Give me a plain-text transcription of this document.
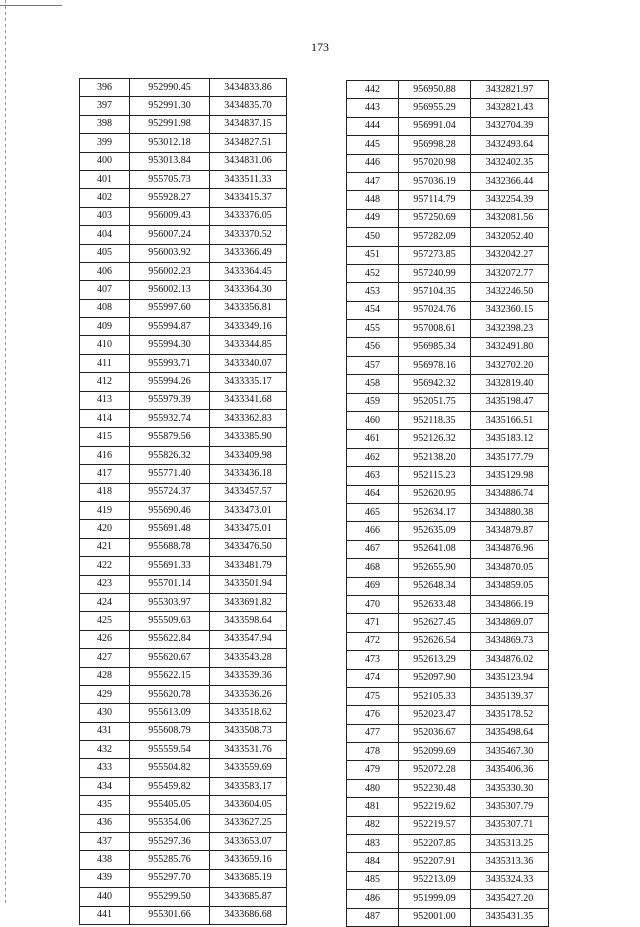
173
396	952990.45	3434833.86
397	952991.30	3434835.70
398	952991.98	3434837.15
399	953012.18	3434827.51
400	953013.84	3434831.06
401	955705.73	3433511.33
402	955928.27	3433415.37
403	956009.43	3433376.05
404	956007.24	3433370.52
405	956003.92	3433366.49
406	956002.23	3433364.45
407	956002.13	3433364.30
408	955997.60	3433356.81
409	955994.87	3433349.16
410	955994.30	3433344.85
411	955993.71	3433340.07
412	955994.26	3433335.17
413	955979.39	3433341.68
414	955932.74	3433362.83
415	955879.56	3433385.90
416	955826.32	3433409.98
417	955771.40	3433436.18
418	955724.37	3433457.57
419	955690.46	3433473.01
420	955691.48	3433475.01
421	955688.78	3433476.50
422	955691.33	3433481.79
423	955701.14	3433501.94
424	955303.97	3433691.82
425	955509.63	3433598.64
426	955622.84	3433547.94
427	955620.67	3433543.28
428	955622.15	3433539.36
429	955620.78	3433536.26
430	955613.09	3433518.62
431	955608.79	3433508.73
432	955559.54	3433531.76
433	955504.82	3433559.69
434	955459.82	3433583.17
435	955405.05	3433604.05
436	955354.06	3433627.25
437	955297.36	3433653.07
438	955285.76	3433659.16
439	955297.70	3433685.19
440	955299.50	3433685.87
441	955301.66	3433686.68
442	956950.88	3432821.97
443	956955.29	3432821.43
444	956991.04	3432704.39
445	956998.28	3432493.64
446	957020.98	3432402.35
447	957036.19	3432366.44
448	957114.79	3432254.39
449	957250.69	3432081.56
450	957282.09	3432052.40
451	957273.85	3432042.27
452	957240.99	3432072.77
453	957104.35	3432246.50
454	957024.76	3432360.15
455	957008.61	3432398.23
456	956985.34	3432491.80
457	956978.16	3432702.20
458	956942.32	3432819.40
459	952051.75	3435198.47
460	952118.35	3435166.51
461	952126.32	3435183.12
462	952138.20	3435177.79
463	952115.23	3435129.98
464	952620.95	3434886.74
465	952634.17	3434880.38
466	952635.09	3434879.87
467	952641.08	3434876.96
468	952655.90	3434870.05
469	952648.34	3434859.05
470	952633.48	3434866.19
471	952627.45	3434869.07
472	952626.54	3434869.73
473	952613.29	3434876.02
474	952097.90	3435123.94
475	952105.33	3435139.37
476	952023.47	3435178.52
477	952036.67	3435498.64
478	952099.69	3435467.30
479	952072.28	3435406.36
480	952230.48	3435330.30
481	952219.62	3435307.79
482	952219.57	3435307.71
483	952207.85	3435313.25
484	952207.91	3435313.36
485	952213.09	3435324.33
486	951999.09	3435427.20
487	952001.00	3435431.35
